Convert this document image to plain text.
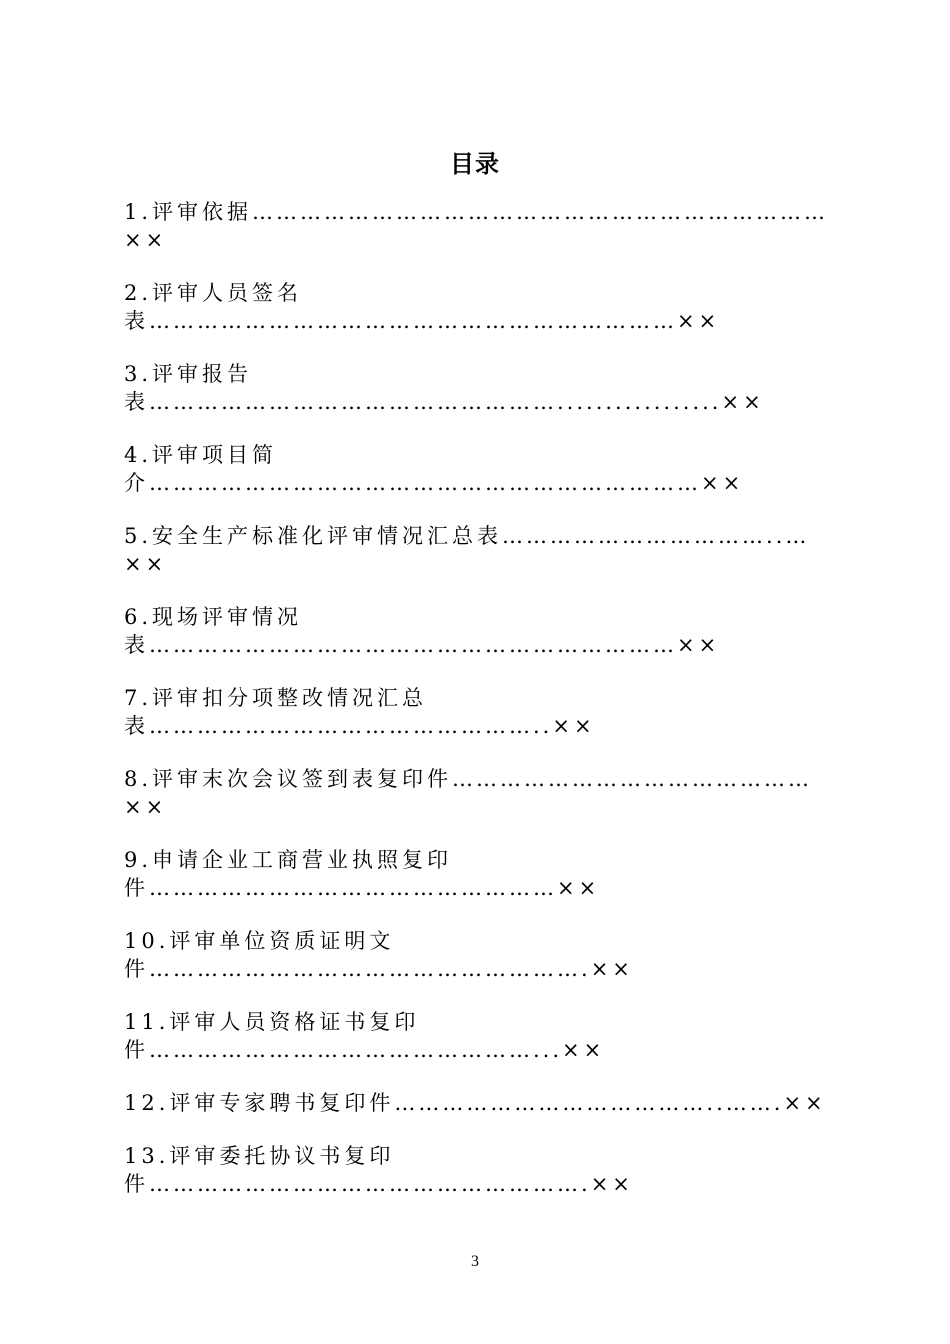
目录
1.评审依据………………………………………………………………××
2.评审人员签名表…………………………………………………………××
3.评审报告表…………………………………………….................××
4.评审项目简介……………………………………………………………××
5.安全生产标准化评审情况汇总表……………………………..…××
6.现场评审情况表…………………………………………………………××
7.评审扣分项整改情况汇总表…………………………………………..××
8.评审末次会议签到表复印件………………………………………××
9.申请企业工商营业执照复印件……………………………………………××
10.评审单位资质证明文件……………………………………………….××
11.评审人员资格证书复印件…………………………………………...××
12.评审专家聘书复印件…………………………………..…….××
13.评审委托协议书复印件……………………………………………….××
3
